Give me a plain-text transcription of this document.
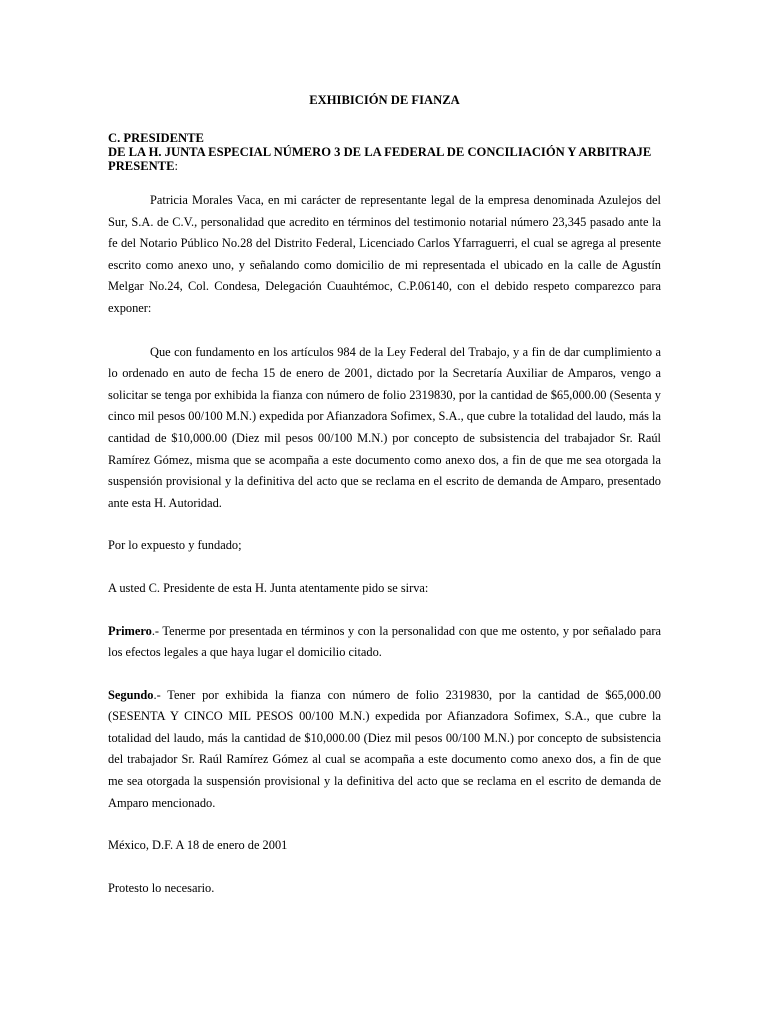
EXHIBICIÓN DE FIANZA
C. PRESIDENTE
DE LA H. JUNTA ESPECIAL NÚMERO 3 DE LA FEDERAL DE CONCILIACIÓN Y ARBITRAJE
PRESENTE:

Patricia Morales Vaca, en mi carácter de representante legal de la empresa denominada Azulejos del Sur, S.A. de C.V., personalidad que acredito en términos del testimonio notarial número 23,345 pasado ante la fe del Notario Público No.28 del Distrito Federal, Licenciado Carlos Yfarraguerri, el cual se agrega al presente escrito como anexo uno, y señalando como domicilio de mi representada el ubicado en la calle de Agustín Melgar No.24, Col. Condesa, Delegación Cuauhtémoc, C.P.06140, con el debido respeto comparezco para exponer:

Que con fundamento en los artículos 984 de la Ley Federal del Trabajo, y a fin de dar cumplimiento a lo ordenado en auto de fecha 15 de enero de 2001, dictado por la Secretaría Auxiliar de Amparos, vengo a solicitar se tenga por exhibida la fianza con número de folio 2319830, por la cantidad de $65,000.00 (Sesenta y cinco mil pesos 00/100 M.N.) expedida por Afianzadora Sofimex, S.A., que cubre la totalidad del laudo, más la cantidad de $10,000.00 (Diez mil pesos 00/100 M.N.) por concepto de subsistencia del trabajador Sr. Raúl Ramírez Gómez, misma que se acompaña a este documento como anexo dos, a fin de que me sea otorgada la suspensión provisional y la definitiva del acto que se reclama en el escrito de demanda de Amparo, presentado ante esta H. Autoridad.

Por lo expuesto y fundado;

A usted C. Presidente de esta H. Junta atentamente pido se sirva:

Primero.- Tenerme por presentada en términos y con la personalidad con que me ostento, y por señalado para los efectos legales a que haya lugar el domicilio citado.

Segundo.- Tener por exhibida la fianza con número de folio 2319830, por la cantidad de $65,000.00 (SESENTA Y CINCO MIL PESOS 00/100 M.N.) expedida por Afianzadora Sofimex, S.A., que cubre la totalidad del laudo, más la cantidad de $10,000.00 (Diez mil pesos 00/100 M.N.) por concepto de subsistencia del trabajador Sr. Raúl Ramírez Gómez al cual se acompaña a este documento como anexo dos, a fin de que me sea otorgada la suspensión provisional y la definitiva del acto que se reclama en el escrito de demanda de Amparo mencionado.

México, D.F. A 18 de enero de 2001

Protesto lo necesario.
